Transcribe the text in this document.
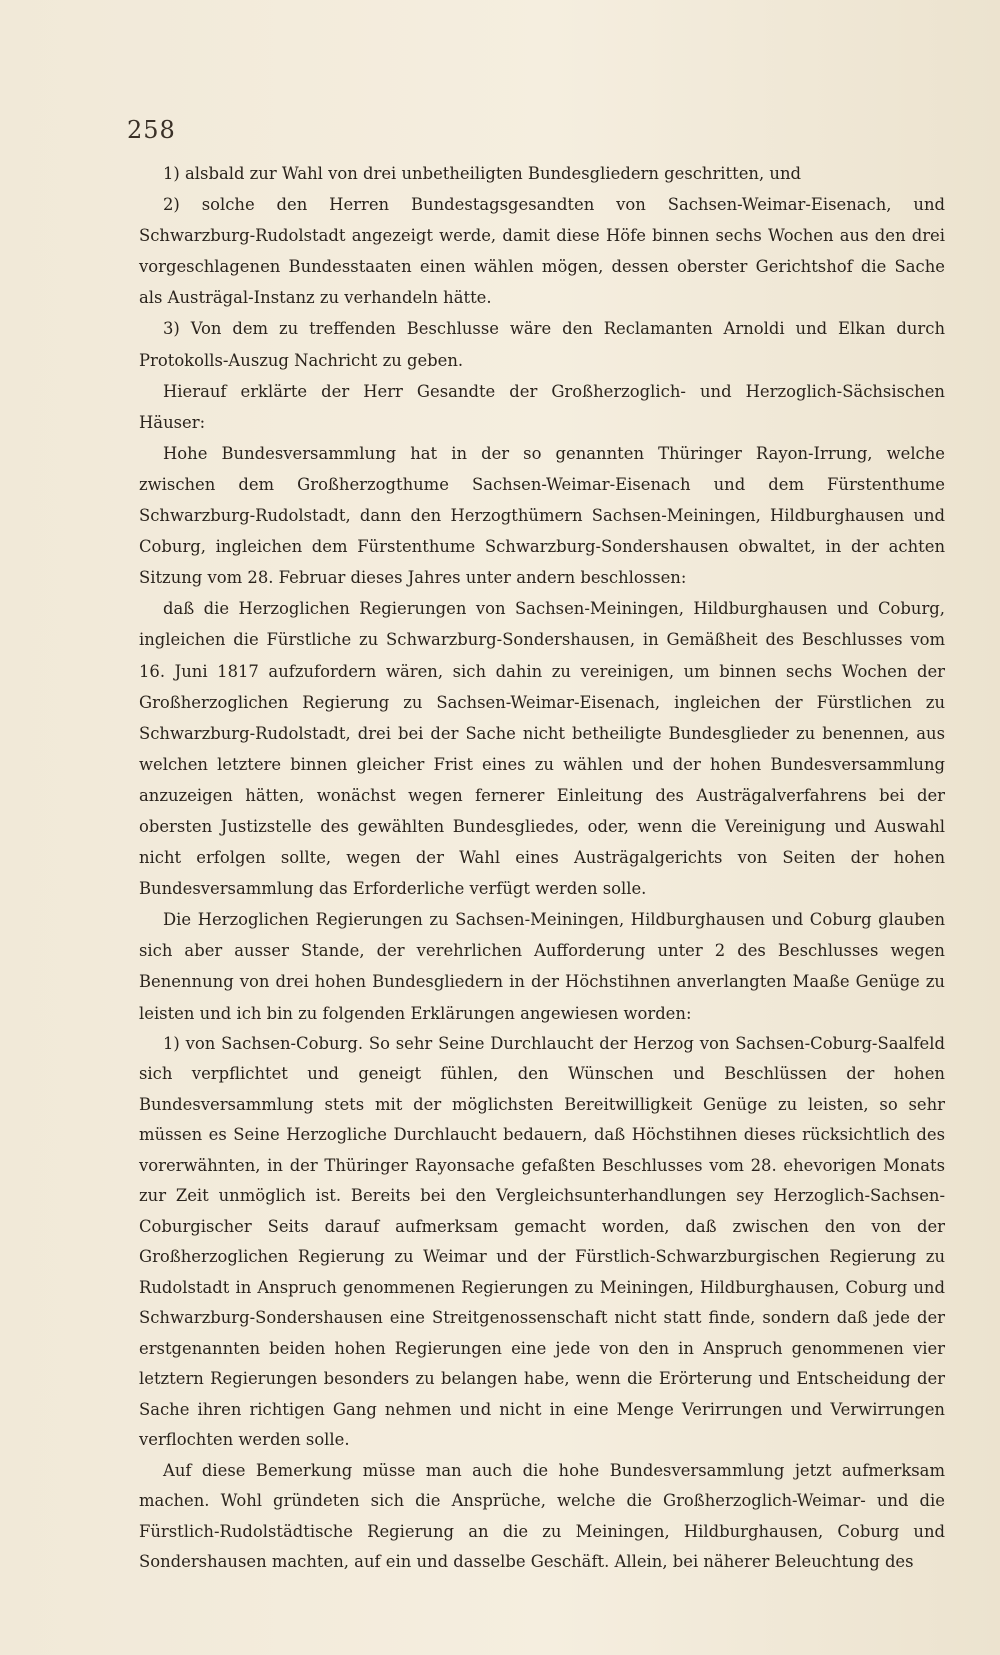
258

1) alsbald zur Wahl von drei unbetheiligten Bundesgliedern geschritten, und

2) solche den Herren Bundestagsgesandten von Sachsen-Weimar-Eisenach, und Schwarzburg-Rudolstadt angezeigt werde, damit diese Höfe binnen sechs Wochen aus den drei vorgeschlagenen Bundesstaaten einen wählen mögen, dessen oberster Gerichtshof die Sache als Austrägal-Instanz zu verhandeln hätte.

3) Von dem zu treffenden Beschlusse wäre den Reclamanten Arnoldi und Elkan durch Protokolls-Auszug Nachricht zu geben.

Hierauf erklärte der Herr Gesandte der Großherzoglich- und Herzoglich-Sächsischen Häuser:

Hohe Bundesversammlung hat in der so genannten Thüringer Rayon-Irrung, welche zwischen dem Großherzogthume Sachsen-Weimar-Eisenach und dem Fürstenthume Schwarzburg-Rudolstadt, dann den Herzogthümern Sachsen-Meiningen, Hildburghausen und Coburg, ingleichen dem Fürstenthume Schwarzburg-Sondershausen obwaltet, in der achten Sitzung vom 28. Februar dieses Jahres unter andern beschlossen:

daß die Herzoglichen Regierungen von Sachsen-Meiningen, Hildburghausen und Coburg, ingleichen die Fürstliche zu Schwarzburg-Sondershausen, in Gemäßheit des Beschlusses vom 16. Juni 1817 aufzufordern wären, sich dahin zu vereinigen, um binnen sechs Wochen der Großherzoglichen Regierung zu Sachsen-Weimar-Eisenach, ingleichen der Fürstlichen zu Schwarzburg-Rudolstadt, drei bei der Sache nicht betheiligte Bundesglieder zu benennen, aus welchen letztere binnen gleicher Frist eines zu wählen und der hohen Bundesversammlung anzuzeigen hätten, wonächst wegen fernerer Einleitung des Austrägalverfahrens bei der obersten Justizstelle des gewählten Bundesgliedes, oder, wenn die Vereinigung und Auswahl nicht erfolgen sollte, wegen der Wahl eines Austrägalgerichts von Seiten der hohen Bundesversammlung das Erforderliche verfügt werden solle.

Die Herzoglichen Regierungen zu Sachsen-Meiningen, Hildburghausen und Coburg glauben sich aber ausser Stande, der verehrlichen Aufforderung unter 2 des Beschlusses wegen Benennung von drei hohen Bundesgliedern in der Höchstihnen anverlangten Maaße Genüge zu leisten und ich bin zu folgenden Erklärungen angewiesen worden:

1) von Sachsen-Coburg. So sehr Seine Durchlaucht der Herzog von Sachsen-Coburg-Saalfeld sich verpflichtet und geneigt fühlen, den Wünschen und Beschlüssen der hohen Bundesversammlung stets mit der möglichsten Bereitwilligkeit Genüge zu leisten, so sehr müssen es Seine Herzogliche Durchlaucht bedauern, daß Höchstihnen dieses rücksichtlich des vorerwähnten, in der Thüringer Rayonsache gefaßten Beschlusses vom 28. ehevorigen Monats zur Zeit unmöglich ist. Bereits bei den Vergleichsunterhandlungen sey Herzoglich-Sachsen-Coburgischer Seits darauf aufmerksam gemacht worden, daß zwischen den von der Großherzoglichen Regierung zu Weimar und der Fürstlich-Schwarzburgischen Regierung zu Rudolstadt in Anspruch genommenen Regierungen zu Meiningen, Hildburghausen, Coburg und Schwarzburg-Sondershausen eine Streitgenossenschaft nicht statt finde, sondern daß jede der erstgenannten beiden hohen Regierungen eine jede von den in Anspruch genommenen vier letztern Regierungen besonders zu belangen habe, wenn die Erörterung und Entscheidung der Sache ihren richtigen Gang nehmen und nicht in eine Menge Verirrungen und Verwirrungen verflochten werden solle.

Auf diese Bemerkung müsse man auch die hohe Bundesversammlung jetzt aufmerksam machen. Wohl gründeten sich die Ansprüche, welche die Großherzoglich-Weimar- und die Fürstlich-Rudolstädtische Regierung an die zu Meiningen, Hildburghausen, Coburg und Sondershausen machten, auf ein und dasselbe Geschäft. Allein, bei näherer Beleuchtung des
